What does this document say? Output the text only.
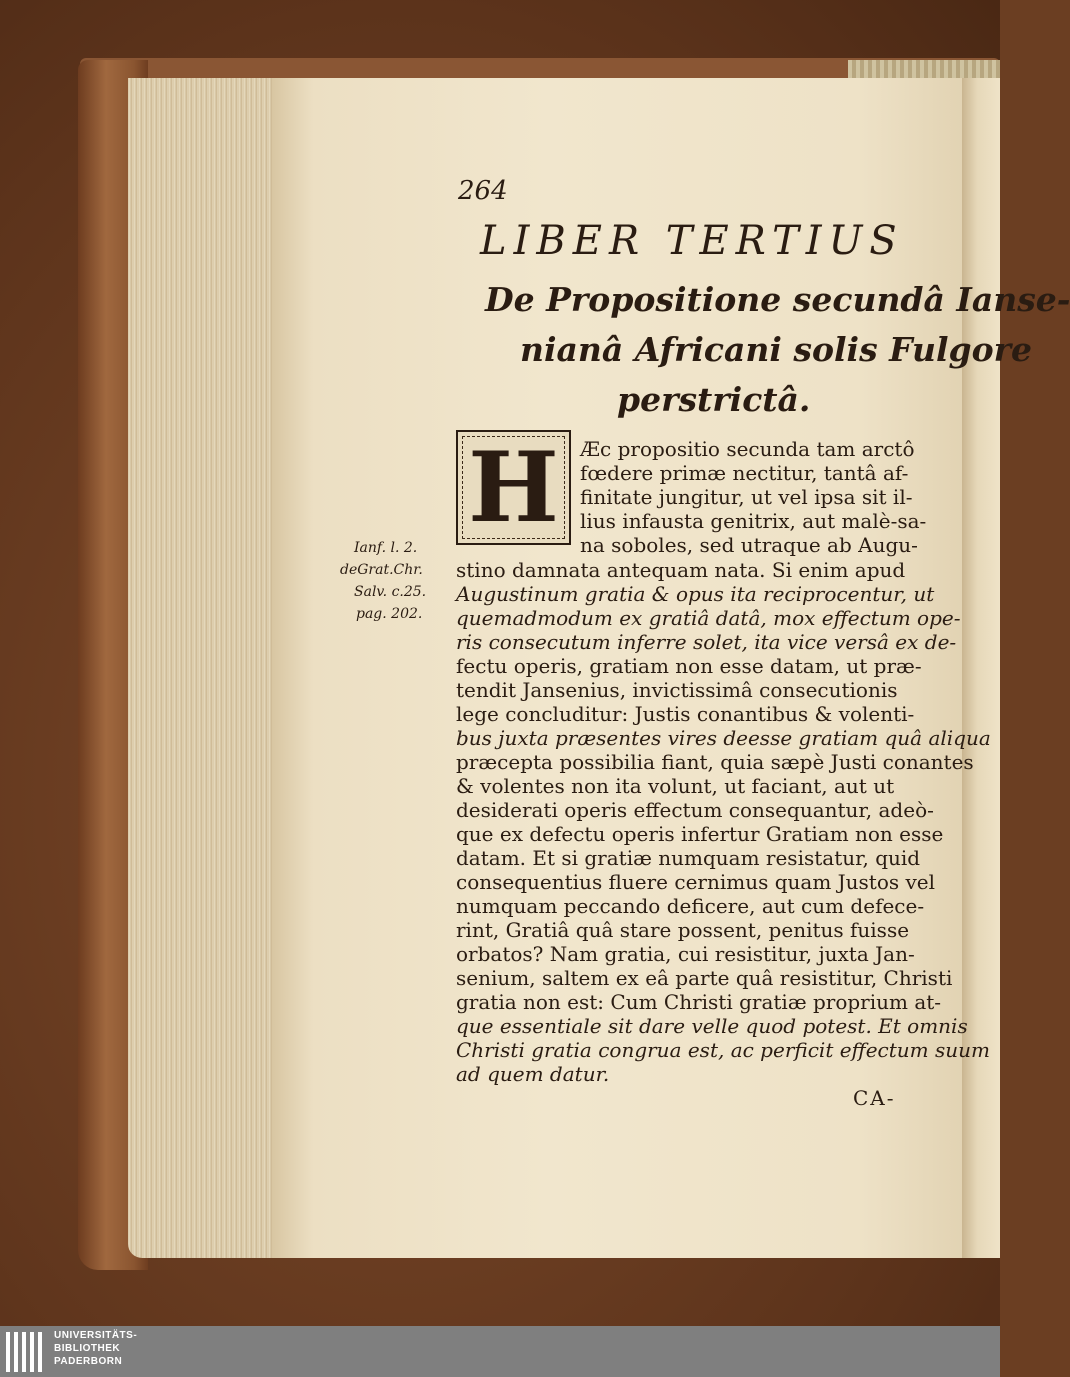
264
LIBER TERTIUS
De Propositione secundâ Ianse-
nianâ Africani solis Fulgore
perstrictâ.
H	Æc propositio secunda tam arctô
fœdere primæ nectitur, tantâ af-
finitate jungitur, ut vel ipsa sit il-
lius infausta genitrix, aut malè-sa-
na soboles, sed utraque ab Augu-
stino damnata antequam nata. Si enim apud
Augustinum gratia & opus ita reciprocentur, ut
quemadmodum ex gratiâ datâ, mox effectum ope-
ris consecutum inferre solet, ita vice versâ ex de-
fectu operis, gratiam non esse datam, ut præ-
tendit Jansenius, invictissimâ consecutionis
lege concluditur: Justis conantibus & volenti-
bus juxta præsentes vires deesse gratiam quâ aliqua
præcepta possibilia fiant, quia sæpè Justi conantes
& volentes non ita volunt, ut faciant, aut ut
desiderati operis effectum consequantur, adeò-
que ex defectu operis infertur Gratiam non esse
datam. Et si gratiæ numquam resistatur, quid
consequentius fluere cernimus quam Justos vel
numquam peccando deficere, aut cum defece-
rint, Gratiâ quâ stare possent, penitus fuisse
orbatos? Nam gratia, cui resistitur, juxta Jan-
senium, saltem ex eâ parte quâ resistitur, Christi
gratia non est: Cum Christi gratiæ proprium at-
que essentiale sit dare velle quod potest. Et omnis
Christi gratia congrua est, ac perficit effectum suum
ad quem datur.
Ianf. l. 2.
deGrat.Chr.
Salv. c.25.
pag. 202.
CA-
UNIVERSITÄTS-
BIBLIOTHEK
PADERBORN
